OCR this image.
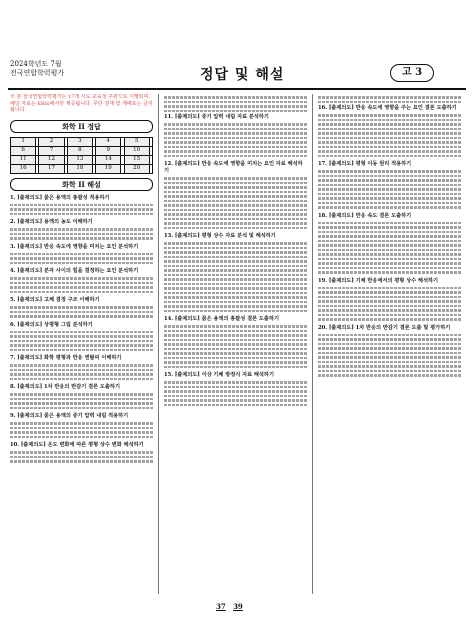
2024학년도 7월
전국연합학력평가	정답 및 해설	고 3
※ 본 전국연합학력평가는 17개 시도 교육청 주관으로 시행되며, 해당 자료는 EBSi에서만 제공됩니다. 무단 전재 및 재배포는 금지됩니다.
화학 II 정답
1		2		3		4		5	
6		7		8		9		10	
11		12		13		14		15	
16		17		18		19		20	
화학 II 해설
1. [출제의도] 묽은 용액의 총괄성 적용하기
2. [출제의도] 용액의 농도 이해하기
3. [출제의도] 반응 속도에 영향을 미치는 요인 분석하기
4. [출제의도] 분자 사이의 힘을 결정하는 요인 분석하기
5. [출제의도] 고체 결정 구조 이해하기
6. [출제의도] 상평형 그림 분석하기
7. [출제의도] 화학 평형과 반응 엔탈피 이해하기
8. [출제의도] 1차 반응의 반감기 결론 도출하기
9. [출제의도] 묽은 용액의 증기 압력 내림 적용하기
10. [출제의도] 온도 변화에 따른 평형 상수 변화 해석하기
11. [출제의도] 증기 압력 내림 자료 분석하기
12. [출제의도] 반응 속도에 영향을 미치는 요인 자료 해석하기
13. [출제의도] 평형 상수 자료 분석 및 해석하기
14. [출제의도] 묽은 용액의 총괄성 결론 도출하기
15. [출제의도] 이상 기체 방정식 자료 해석하기
16. [출제의도] 반응 속도에 영향을 주는 요인 결론 도출하기
17. [출제의도] 평형 이동 원리 적용하기
18. [출제의도] 반응 속도 결론 도출하기
19. [출제의도] 기체 반응에서의 평형 상수 해석하기
20. [출제의도] 1차 반응의 반감기 결론 도출 및 평가하기
37 39
